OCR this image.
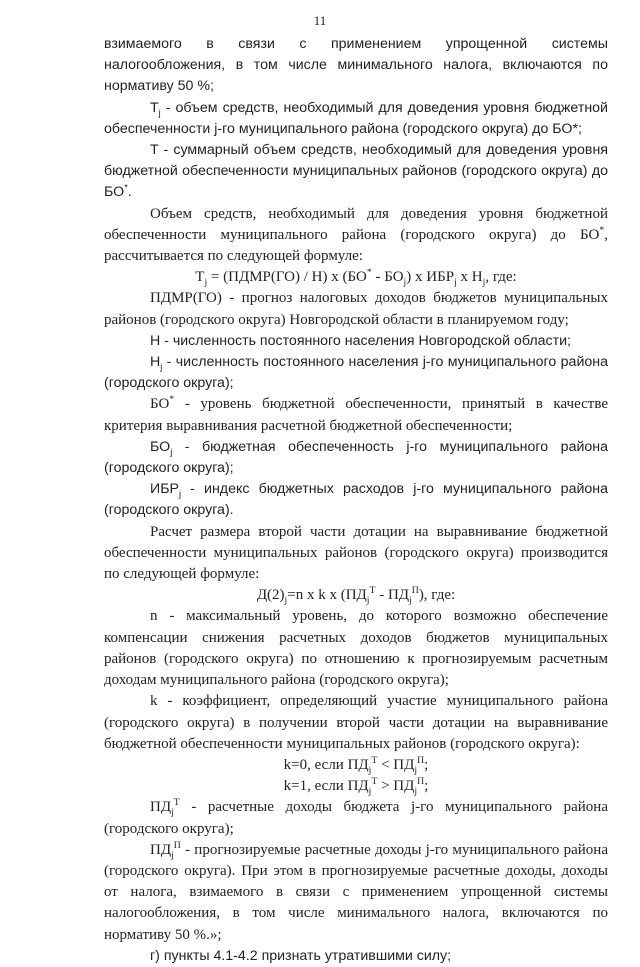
11

взимаемого в связи с применением упрощенной системы налогообложения, в том числе минимального налога, включаются по нормативу 50 %;

$T_j$ - объем средств, необходимый для доведения уровня бюджетной обеспеченности j-го муниципального района (городского округа) до БО*;

T - суммарный объем средств, необходимый для доведения уровня бюджетной обеспеченности муниципальных районов (городского округа) до БО*.

Объем средств, необходимый для доведения уровня бюджетной обеспеченности муниципального района (городского округа) до БО*, рассчитывается по следующей формуле:

$T_j$ = (ПДМР(ГО) / Н) x $(БО^* - БО_j)$ x $ИБР_j$ x $Н_j$, где:

ПДМР(ГО) - прогноз налоговых доходов бюджетов муниципальных районов (городского округа) Новгородской области в планируемом году;

Н - численность постоянного населения Новгородской области;

$Н_j$ - численность постоянного населения j-го муниципального района (городского округа);

БО* - уровень бюджетной обеспеченности, принятый в качестве критерия выравнивания расчетной бюджетной обеспеченности;

$БО_j$ - бюджетная обеспеченность j-го муниципального района (городского округа);

$ИБР_j$ - индекс бюджетных расходов j-го муниципального района (городского округа).

Расчет размера второй части дотации на выравнивание бюджетной обеспеченности муниципальных районов (городского округа) производится по следующей формуле:

$Д(2)_j=n$ x k x $(ПД_j^T - ПД_j^П)$, где:

n - максимальный уровень, до которого возможно обеспечение компенсации снижения расчетных доходов бюджетов муниципальных районов (городского округа) по отношению к прогнозируемым расчетным доходам муниципального района (городского округа);

k - коэффициент, определяющий участие муниципального района (городского округа) в получении второй части дотации на выравнивание бюджетной обеспеченности муниципальных районов (городского округа):

k=0, если $ПД_j^T < ПД_j^П$;

k=1, если $ПД_j^T > ПД_j^П$;

$ПД_j^T$ - расчетные доходы бюджета j-го муниципального района (городского округа);

$ПД_j^П$ - прогнозируемые расчетные доходы j-го муниципального района (городского округа). При этом в прогнозируемые расчетные доходы, доходы от налога, взимаемого в связи с применением упрощенной системы налогообложения, в том числе минимального налога, включаются по нормативу 50 %.»;

г) пункты 4.1-4.2 признать утратившими силу;
